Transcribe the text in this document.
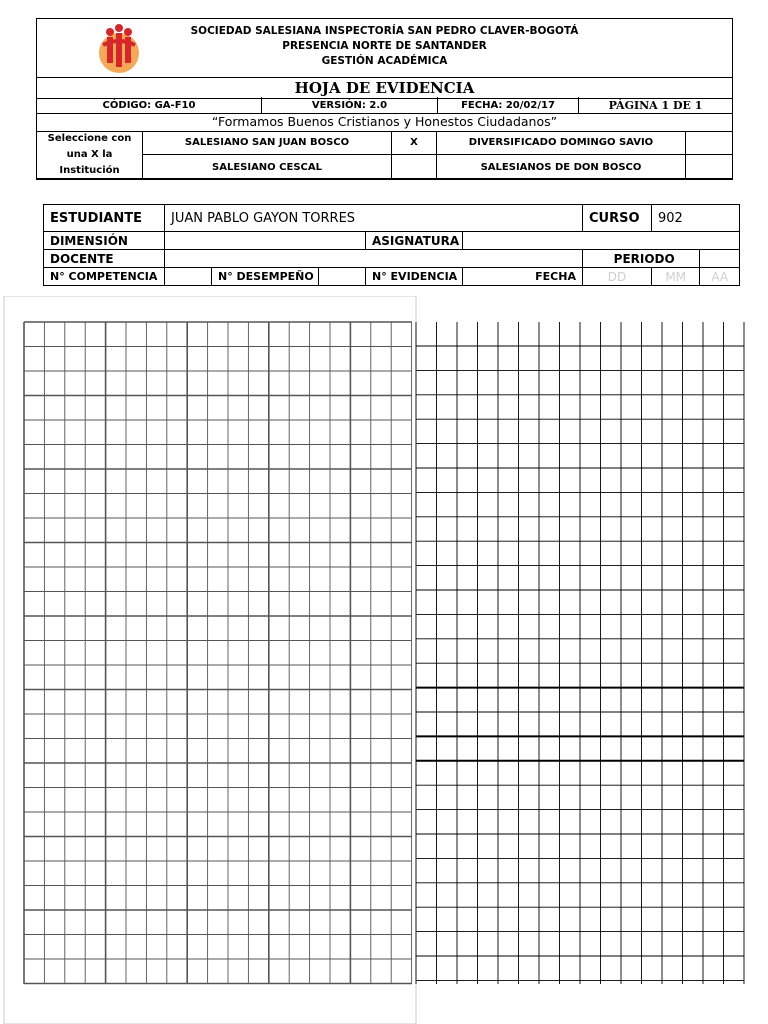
SOCIEDAD SALESIANA INSPECTORÍA SAN PEDRO CLAVER-BOGOTÁ
PRESENCIA NORTE DE SANTANDER
GESTIÓN ACADÉMICA
HOJA DE EVIDENCIA
CÓDIGO: GA-F10	VERSIÓN: 2.0	FECHA: 20/02/17	PÁGINA 1 DE 1
“Formamos Buenos Cristianos y Honestos Ciudadanos”
Seleccione con
una X la
Institución	SALESIANO SAN JUAN BOSCO	X	DIVERSIFICADO DOMINGO SAVIO	
	SALESIANO CESCAL		SALESIANOS DE DON BOSCO	
ESTUDIANTE	JUAN PABLO GAYON TORRES					CURSO	902	
DIMENSIÓN				ASIGNATURA				
DOCENTE						PERIODO		
N° COMPETENCIA		N° DESEMPEÑO		N° EVIDENCIA	FECHA	DD	MM	AA
